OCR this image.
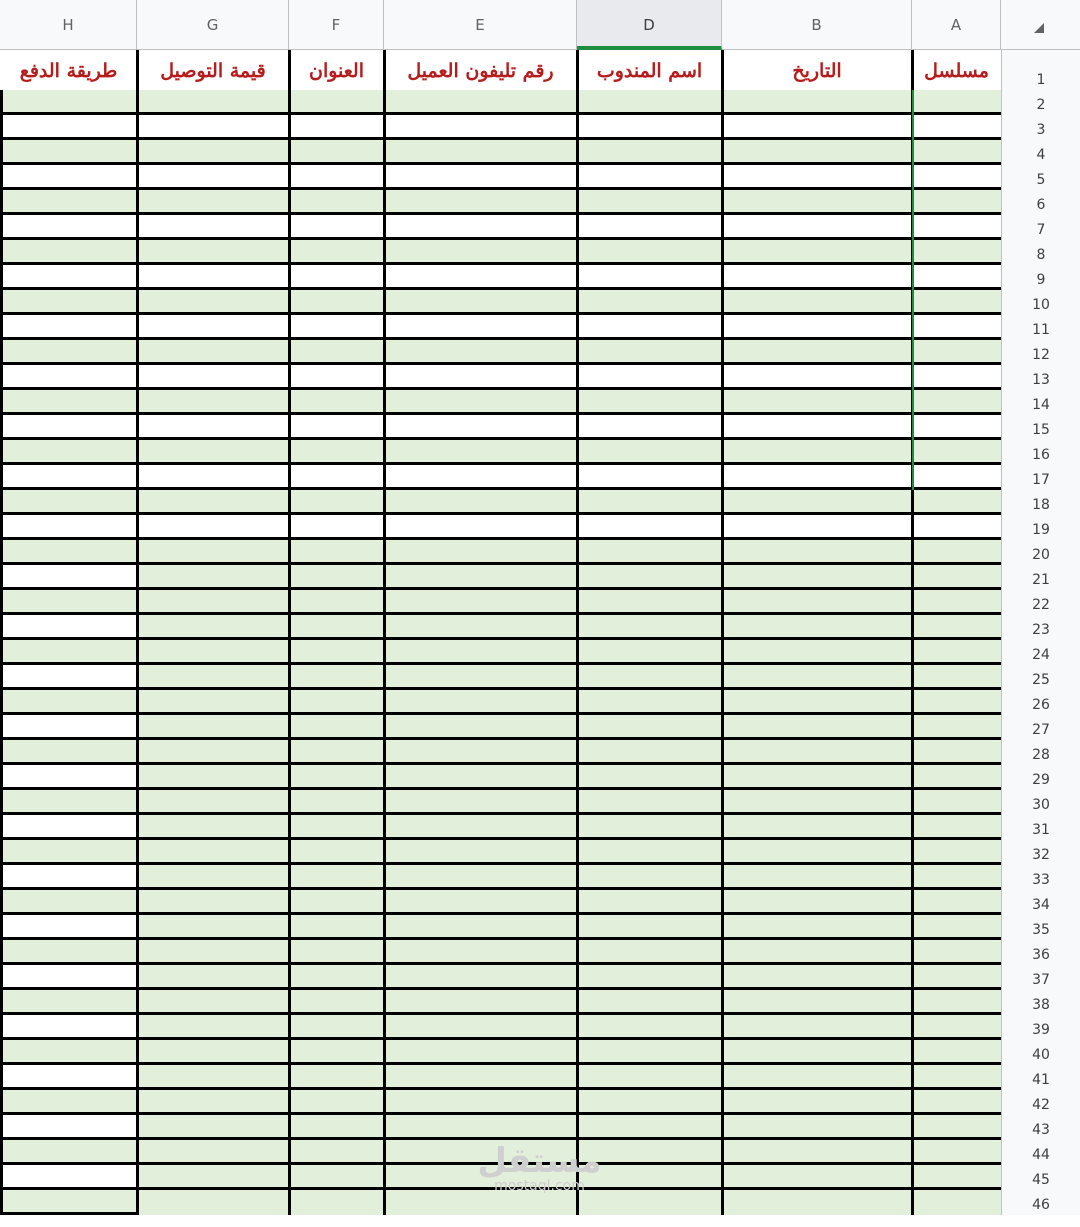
H	G	F	E	D	B	A
طريقة الدفع	قيمة التوصيل	العنوان	رقم تليفون العميل	اسم المندوب	التاريخ	مسلسل	1
2
3
4
5
6
7
8
9
10
11
12
13
14
15
16
17
18
19
20
21
22
23
24
25
26
27
28
29
30
31
32
33
34
35
36
37
38
39
40
41
42
43
44
45
46
مستقل
mostaql.com
